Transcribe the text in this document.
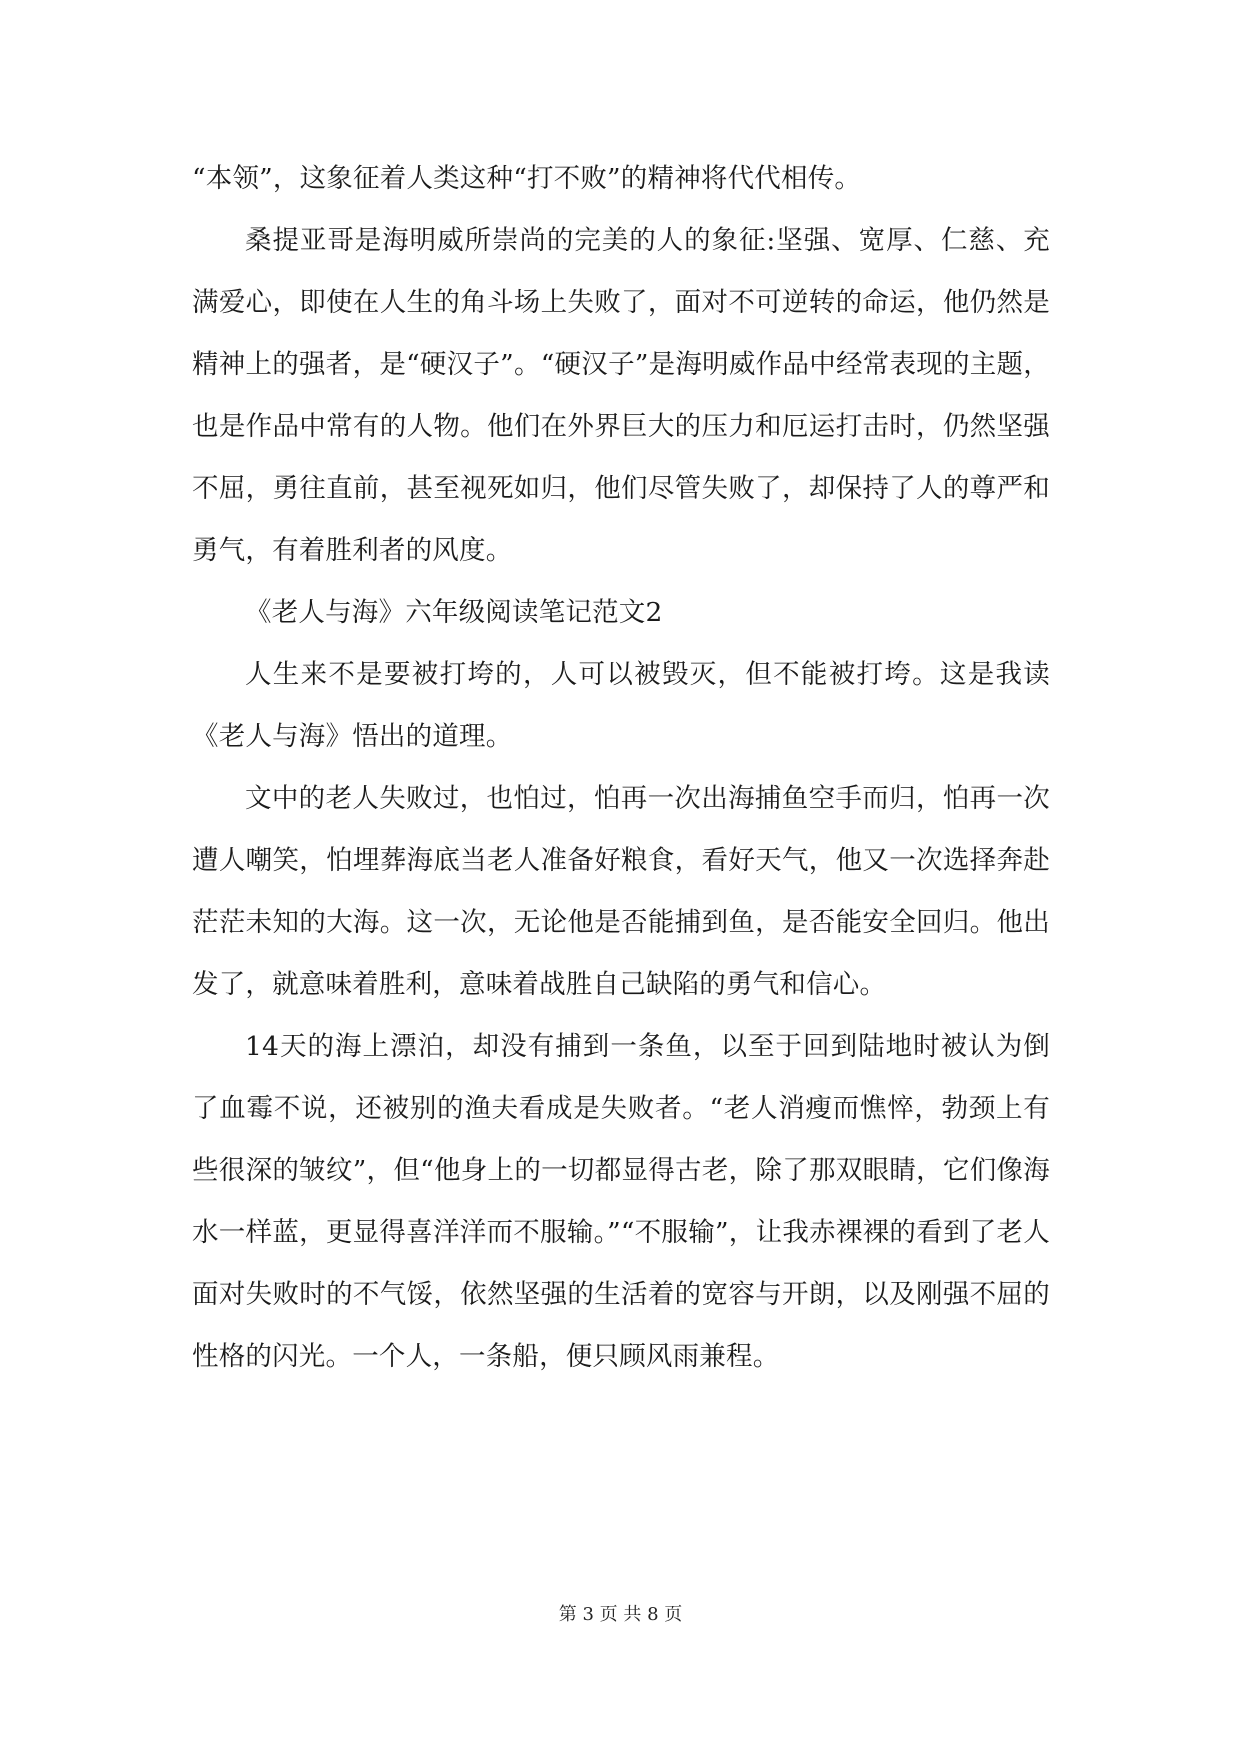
“本领”，这象征着人类这种“打不败”的精神将代代相传。

桑提亚哥是海明威所崇尚的完美的人的象征:坚强、宽厚、仁慈、充满爱心，即使在人生的角斗场上失败了，面对不可逆转的命运，他仍然是精神上的强者，是“硬汉子”。“硬汉子”是海明威作品中经常表现的主题，也是作品中常有的人物。他们在外界巨大的压力和厄运打击时，仍然坚强不屈，勇往直前，甚至视死如归，他们尽管失败了，却保持了人的尊严和勇气，有着胜利者的风度。

《老人与海》六年级阅读笔记范文2

人生来不是要被打垮的，人可以被毁灭，但不能被打垮。这是我读《老人与海》悟出的道理。

文中的老人失败过，也怕过，怕再一次出海捕鱼空手而归，怕再一次遭人嘲笑，怕埋葬海底当老人准备好粮食，看好天气，他又一次选择奔赴茫茫未知的大海。这一次，无论他是否能捕到鱼，是否能安全回归。他出发了，就意味着胜利，意味着战胜自己缺陷的勇气和信心。

14天的海上漂泊，却没有捕到一条鱼，以至于回到陆地时被认为倒了血霉不说，还被别的渔夫看成是失败者。“老人消瘦而憔悴，勃颈上有些很深的皱纹”，但“他身上的一切都显得古老，除了那双眼睛，它们像海水一样蓝，更显得喜洋洋而不服输。”“不服输”，让我赤裸裸的看到了老人面对失败时的不气馁，依然坚强的生活着的宽容与开朗，以及刚强不屈的性格的闪光。一个人，一条船，便只顾风雨兼程。

第 3 页 共 8 页
